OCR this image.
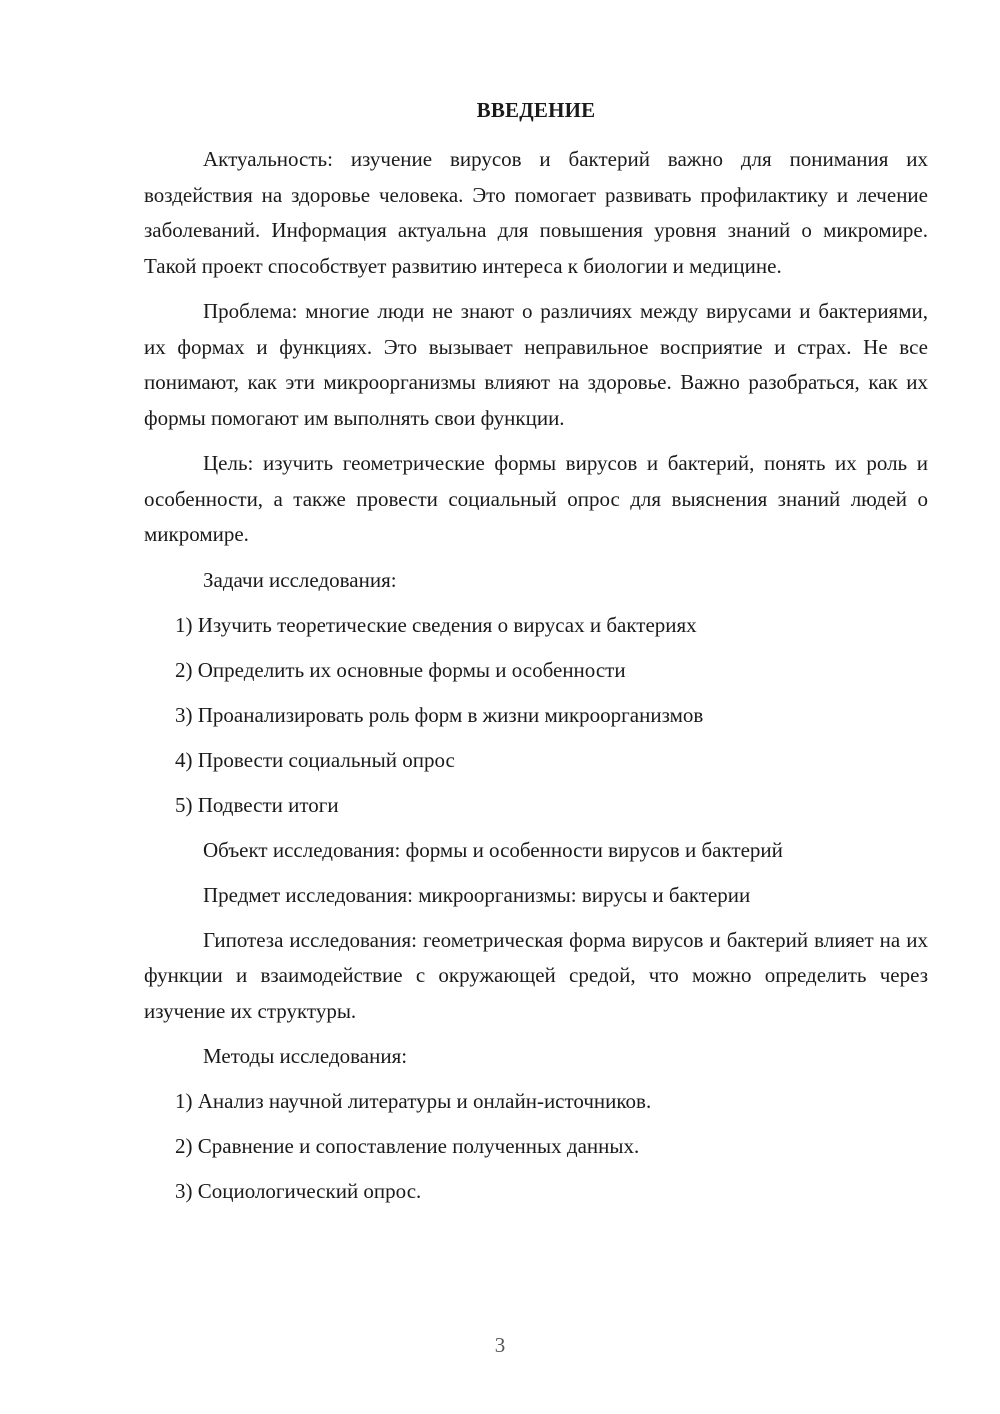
ВВЕДЕНИЕ

Актуальность: изучение вирусов и бактерий важно для понимания их воздействия на здоровье человека. Это помогает развивать профилактику и лечение заболеваний. Информация актуальна для повышения уровня знаний о микромире. Такой проект способствует развитию интереса к биологии и медицине.

Проблема: многие люди не знают о различиях между вирусами и бактериями, их формах и функциях. Это вызывает неправильное восприятие и страх. Не все понимают, как эти микроорганизмы влияют на здоровье. Важно разобраться, как их формы помогают им выполнять свои функции.

Цель: изучить геометрические формы вирусов и бактерий, понять их роль и особенности, а также провести социальный опрос для выяснения знаний людей о микромире.

Задачи исследования:

1) Изучить теоретические сведения о вирусах и бактериях

2) Определить их основные формы и особенности

3) Проанализировать роль форм в жизни микроорганизмов

4) Провести социальный опрос

5) Подвести итоги

Объект исследования: формы и особенности вирусов и бактерий

Предмет исследования: микроорганизмы: вирусы и бактерии

Гипотеза исследования: геометрическая форма вирусов и бактерий влияет на их функции и взаимодействие с окружающей средой, что можно определить через изучение их структуры.

Методы исследования:

1) Анализ научной литературы и онлайн-источников.

2) Сравнение и сопоставление полученных данных.

3) Социологический опрос.

3
